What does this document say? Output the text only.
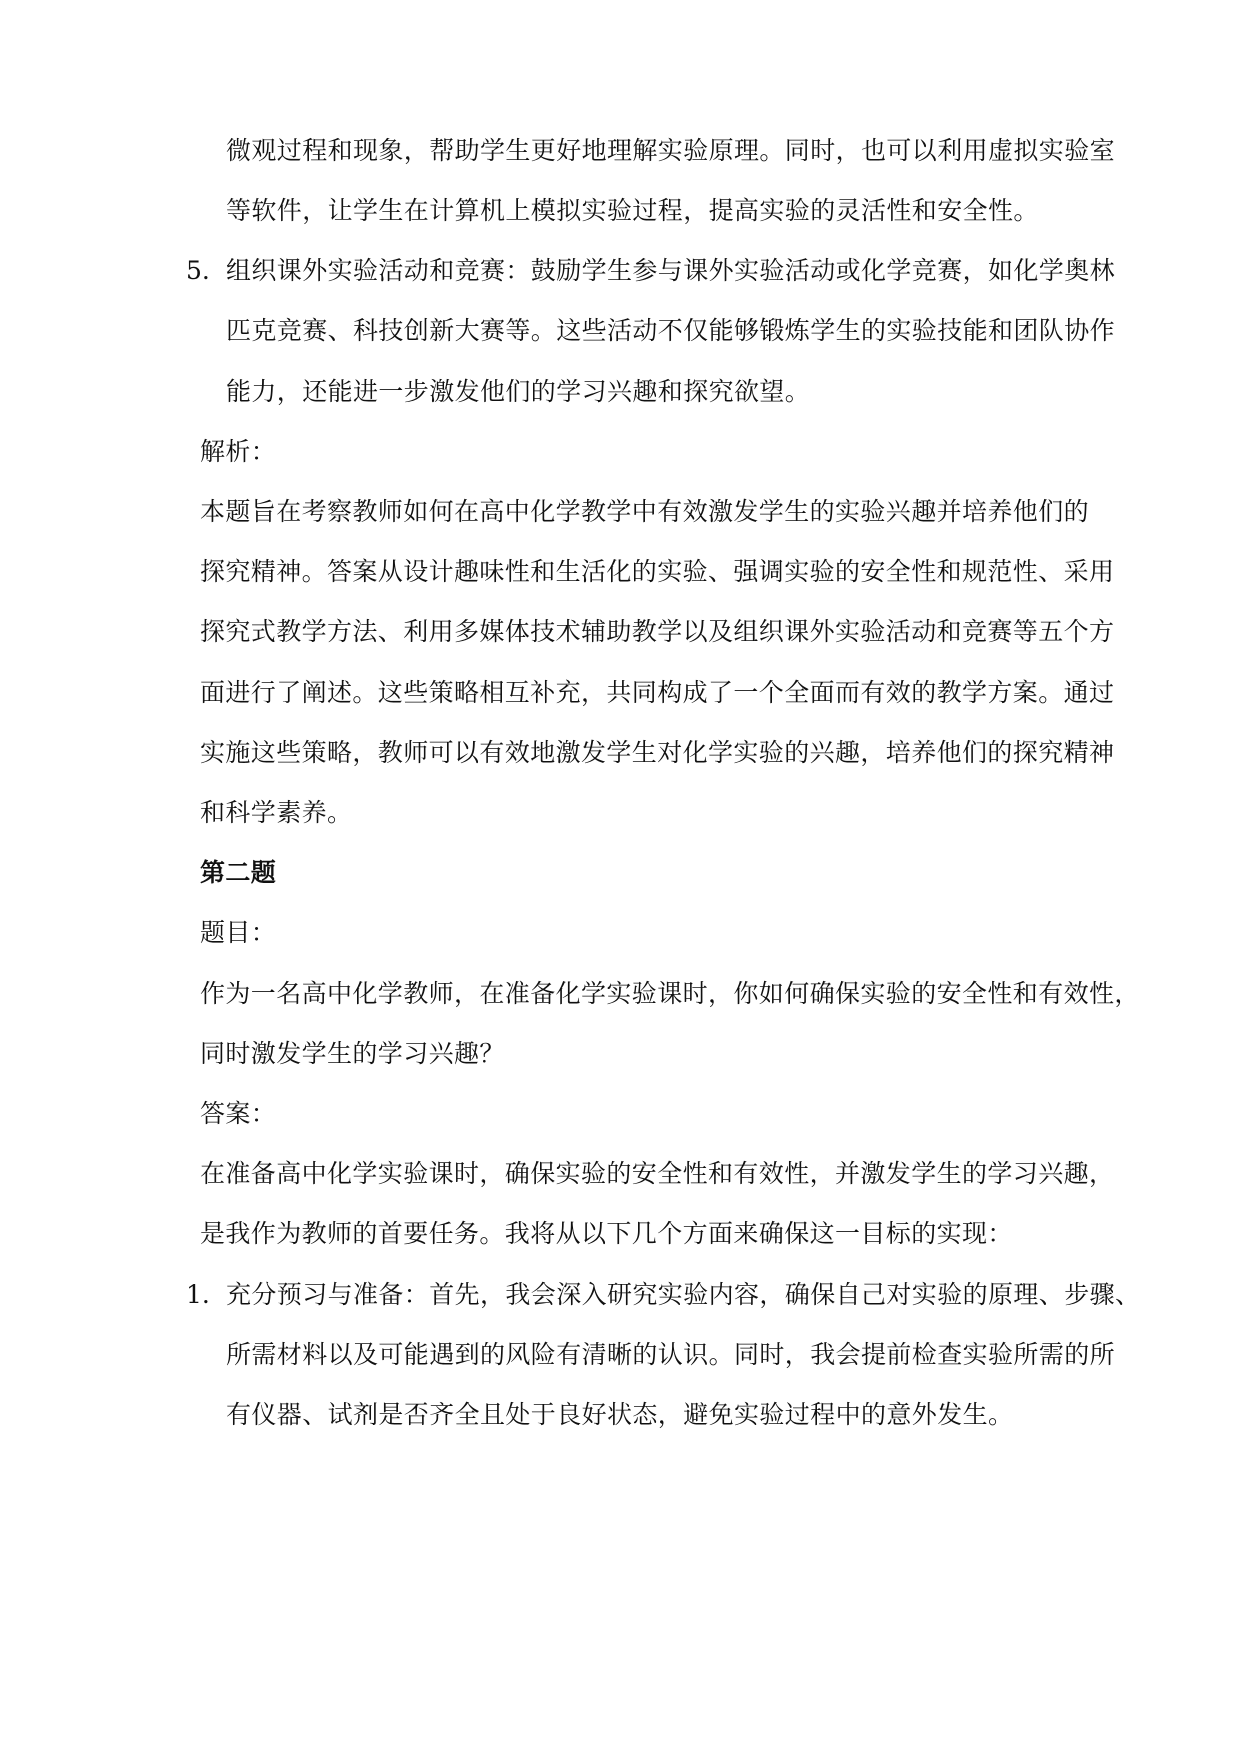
微观过程和现象，帮助学生更好地理解实验原理。同时，也可以利用虚拟实验室
等软件，让学生在计算机上模拟实验过程，提高实验的灵活性和安全性。
5. 组织课外实验活动和竞赛：鼓励学生参与课外实验活动或化学竞赛，如化学奥林
匹克竞赛、科技创新大赛等。这些活动不仅能够锻炼学生的实验技能和团队协作
能力，还能进一步激发他们的学习兴趣和探究欲望。
解析：
本题旨在考察教师如何在高中化学教学中有效激发学生的实验兴趣并培养他们的
探究精神。答案从设计趣味性和生活化的实验、强调实验的安全性和规范性、采用
探究式教学方法、利用多媒体技术辅助教学以及组织课外实验活动和竞赛等五个方
面进行了阐述。这些策略相互补充，共同构成了一个全面而有效的教学方案。通过
实施这些策略，教师可以有效地激发学生对化学实验的兴趣，培养他们的探究精神
和科学素养。
第二题
题目：
作为一名高中化学教师，在准备化学实验课时，你如何确保实验的安全性和有效性，
同时激发学生的学习兴趣？
答案：
在准备高中化学实验课时，确保实验的安全性和有效性，并激发学生的学习兴趣，
是我作为教师的首要任务。我将从以下几个方面来确保这一目标的实现：
1. 充分预习与准备：首先，我会深入研究实验内容，确保自己对实验的原理、步骤、
所需材料以及可能遇到的风险有清晰的认识。同时，我会提前检查实验所需的所
有仪器、试剂是否齐全且处于良好状态，避免实验过程中的意外发生。
